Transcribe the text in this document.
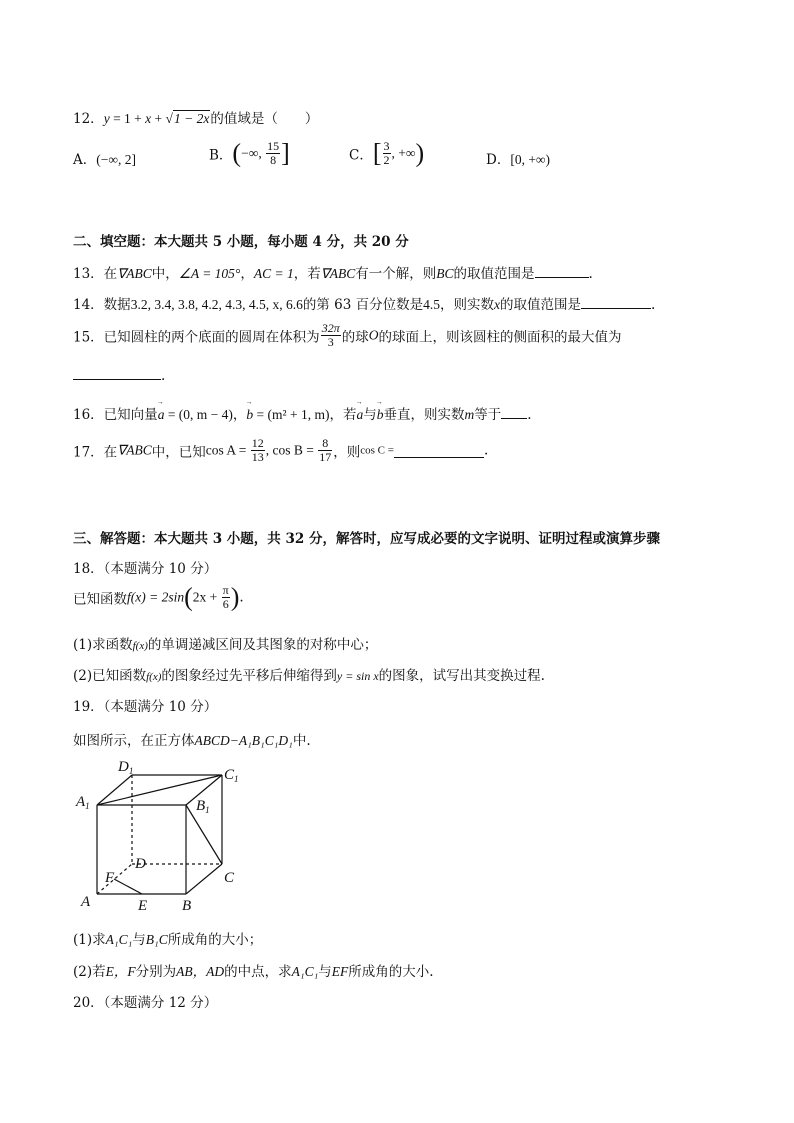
12．y = 1 + x + √1 − 2x的值域是（　　）
A．(−∞, 2]	B．(−∞, $\frac{15}{8}$ ]	C．[ $\frac{3}{2}$ , +∞)	D．[0, +∞)
二、填空题：本大题共 5 小题，每小题 4 分，共 20 分
13．在∇ABC中，∠A = 105°，AC = 1，若∇ABC有一个解，则BC的取值范围是	.
14．数据3.2, 3.4, 3.8, 4.2, 4.3, 4.5, x, 6.6的第 63 百分位数是4.5，则实数x的取值范围是	.
15．已知圆柱的两个底面的圆周在体积为 $\frac{32\pi}{3}$ 的球O的球面上，则该圆柱的侧面积的最大值为
.
16．已知向量→ a = (0, m − 4)，→ b = (m² + 1, m)，若→ a与→ b垂直，则实数m等于 .
17．在∇ABC中，已知$\cos A = \frac{12}{13}$ , $\cos B = \frac{8}{17}$ ，则cos C =	.
三、解答题：本大题共 3 小题，共 32 分，解答时，应写成必要的文字说明、证明过程或演算步骤
18．（本题满分 10 分）
已知函数$f(x) = 2\sin(2x + \frac{\pi}{6}$ ).
(1)求函数f(x)的单调递减区间及其图象的对称中心；
(2)已知函数f(x)的图象经过先平移后伸缩得到y = sin x的图象，试写出其变换过程.
19．（本题满分 10 分）
如图所示，在正方体ABCD−A₁B₁C₁D₁中.
$D_1$	$C_1$
$A_1$	$B_1$
D
C
F
A	E B
(1)求A₁C₁与B₁C所成角的大小；
(2)若E，F分别为AB，AD的中点，求A₁C₁与EF所成角的大小.
20．（本题满分 12 分）
